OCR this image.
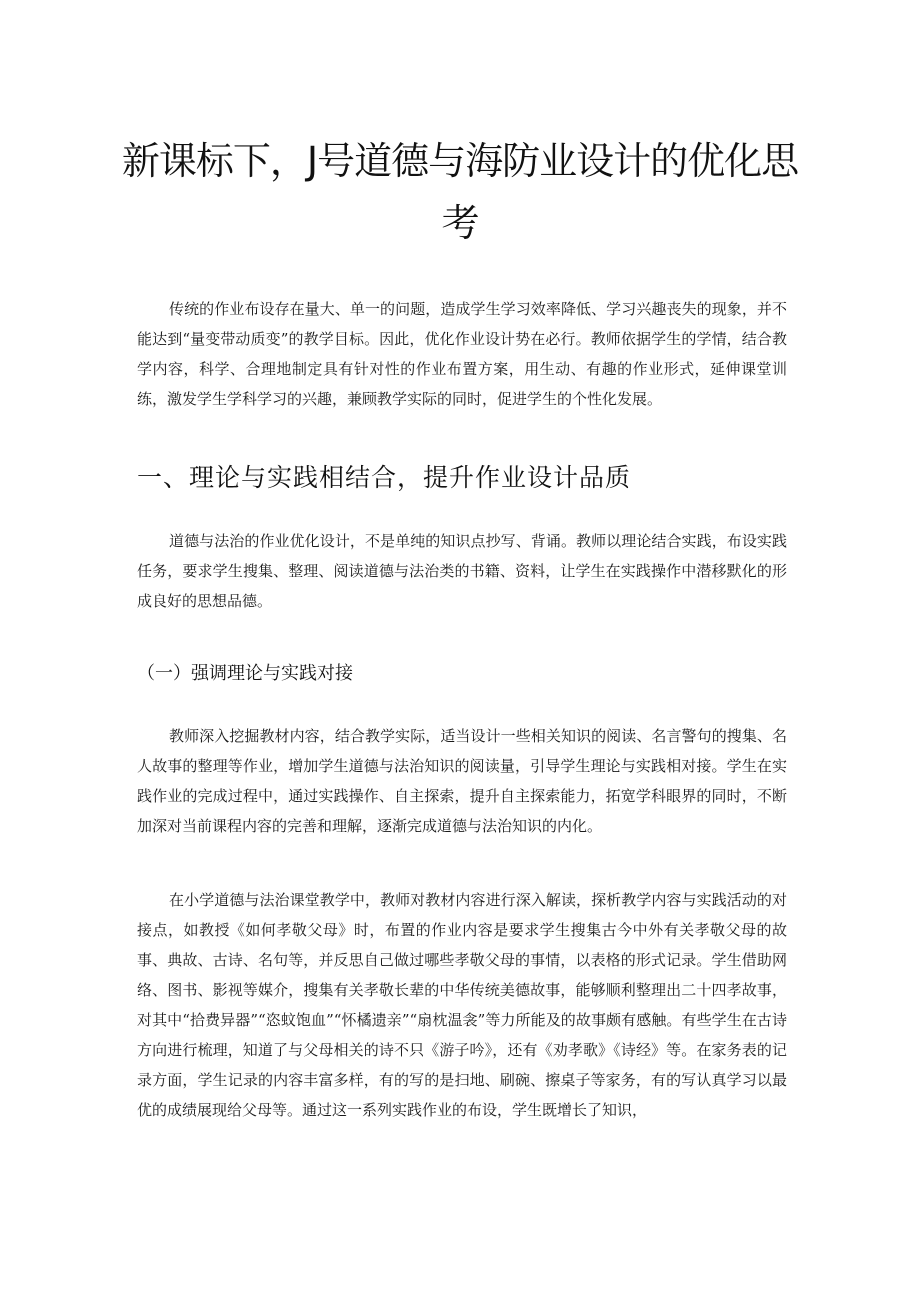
新课标下，J号道德与海防业设计的优化思
考

传统的作业布设存在量大、单一的问题，造成学生学习效率降低、学习兴趣丧失的现象，并不能达到“量变带动质变”的教学目标。因此，优化作业设计势在必行。教师依据学生的学情，结合教学内容，科学、合理地制定具有针对性的作业布置方案，用生动、有趣的作业形式，延伸课堂训练，激发学生学科学习的兴趣，兼顾教学实际的同时，促进学生的个性化发展。

一、理论与实践相结合，提升作业设计品质

道德与法治的作业优化设计，不是单纯的知识点抄写、背诵。教师以理论结合实践，布设实践任务，要求学生搜集、整理、阅读道德与法治类的书籍、资料，让学生在实践操作中潜移默化的形成良好的思想品德。

（一）强调理论与实践对接

教师深入挖掘教材内容，结合教学实际，适当设计一些相关知识的阅读、名言警句的搜集、名人故事的整理等作业，增加学生道德与法治知识的阅读量，引导学生理论与实践相对接。学生在实践作业的完成过程中，通过实践操作、自主探索，提升自主探索能力，拓宽学科眼界的同时，不断加深对当前课程内容的完善和理解，逐渐完成道德与法治知识的内化。

在小学道德与法治课堂教学中，教师对教材内容进行深入解读，探析教学内容与实践活动的对接点，如教授《如何孝敬父母》时，布置的作业内容是要求学生搜集古今中外有关孝敬父母的故事、典故、古诗、名句等，并反思自己做过哪些孝敬父母的事情，以表格的形式记录。学生借助网络、图书、影视等媒介，搜集有关孝敬长辈的中华传统美德故事，能够顺利整理出二十四孝故事，对其中“拾费异器”“恣蚊饱血”“怀橘遗亲”“扇枕温衾”等力所能及的故事颇有感触。有些学生在古诗方向进行梳理，知道了与父母相关的诗不只《游子吟》，还有《劝孝歌》《诗经》等。在家务表的记录方面，学生记录的内容丰富多样，有的写的是扫地、刷碗、擦桌子等家务，有的写认真学习以最优的成绩展现给父母等。通过这一系列实践作业的布设，学生既增长了知识，
